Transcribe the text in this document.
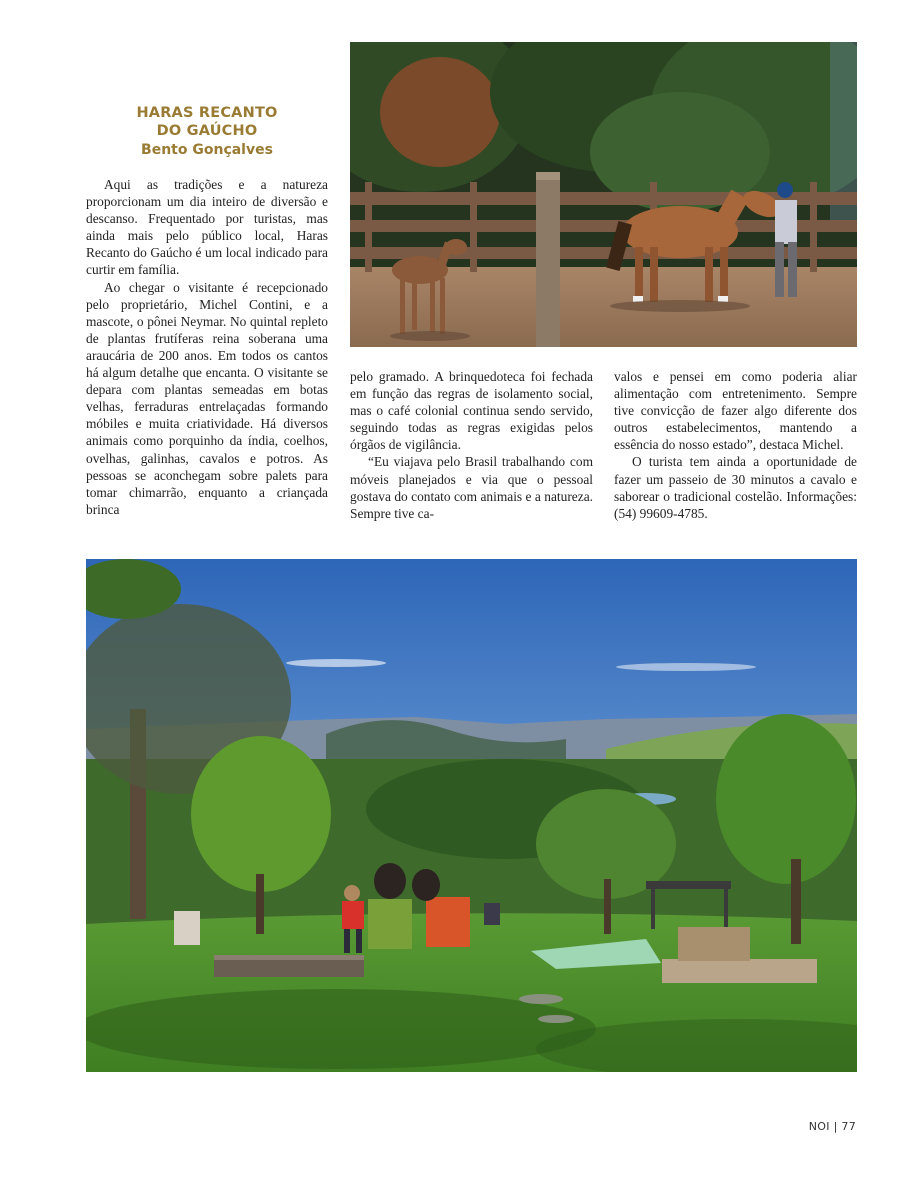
HARAS RECANTO
DO GAÚCHO
Bento Gonçalves

Aqui as tradições e a natureza proporcionam um dia inteiro de diversão e descanso. Frequentado por turistas, mas ainda mais pelo público local, Haras Recanto do Gaúcho é um local indicado para curtir em família.

Ao chegar o visitante é recepcionado pelo proprietário, Michel Contini, e a mascote, o pônei Neymar. No quintal repleto de plantas frutíferas reina soberana uma araucária de 200 anos. Em todos os cantos há algum detalhe que encanta. O visitante se depara com plantas semeadas em botas velhas, ferraduras entrelaçadas formando móbiles e muita criatividade. Há diversos animais como porquinho da índia, coelhos, ovelhas, galinhas, cavalos e potros. As pessoas se aconchegam sobre palets para tomar chimarrão, enquanto a criançada brinca

pelo gramado. A brinquedoteca foi fechada em função das regras de isolamento social, mas o café colonial continua sendo servido, seguindo todas as regras exigidas pelos órgãos de vigilância.

“Eu viajava pelo Brasil trabalhando com móveis planejados e via que o pessoal gostava do contato com animais e a natureza. Sempre tive ca-

valos e pensei em como poderia aliar alimentação com entretenimento. Sempre tive convicção de fazer algo diferente dos outros estabelecimentos, mantendo a essência do nosso estado”, destaca Michel.

O turista tem ainda a oportunidade de fazer um passeio de 30 minutos a cavalo e saborear o tradicional costelão. Informações: (54) 99609-4785.

NOI | 77
